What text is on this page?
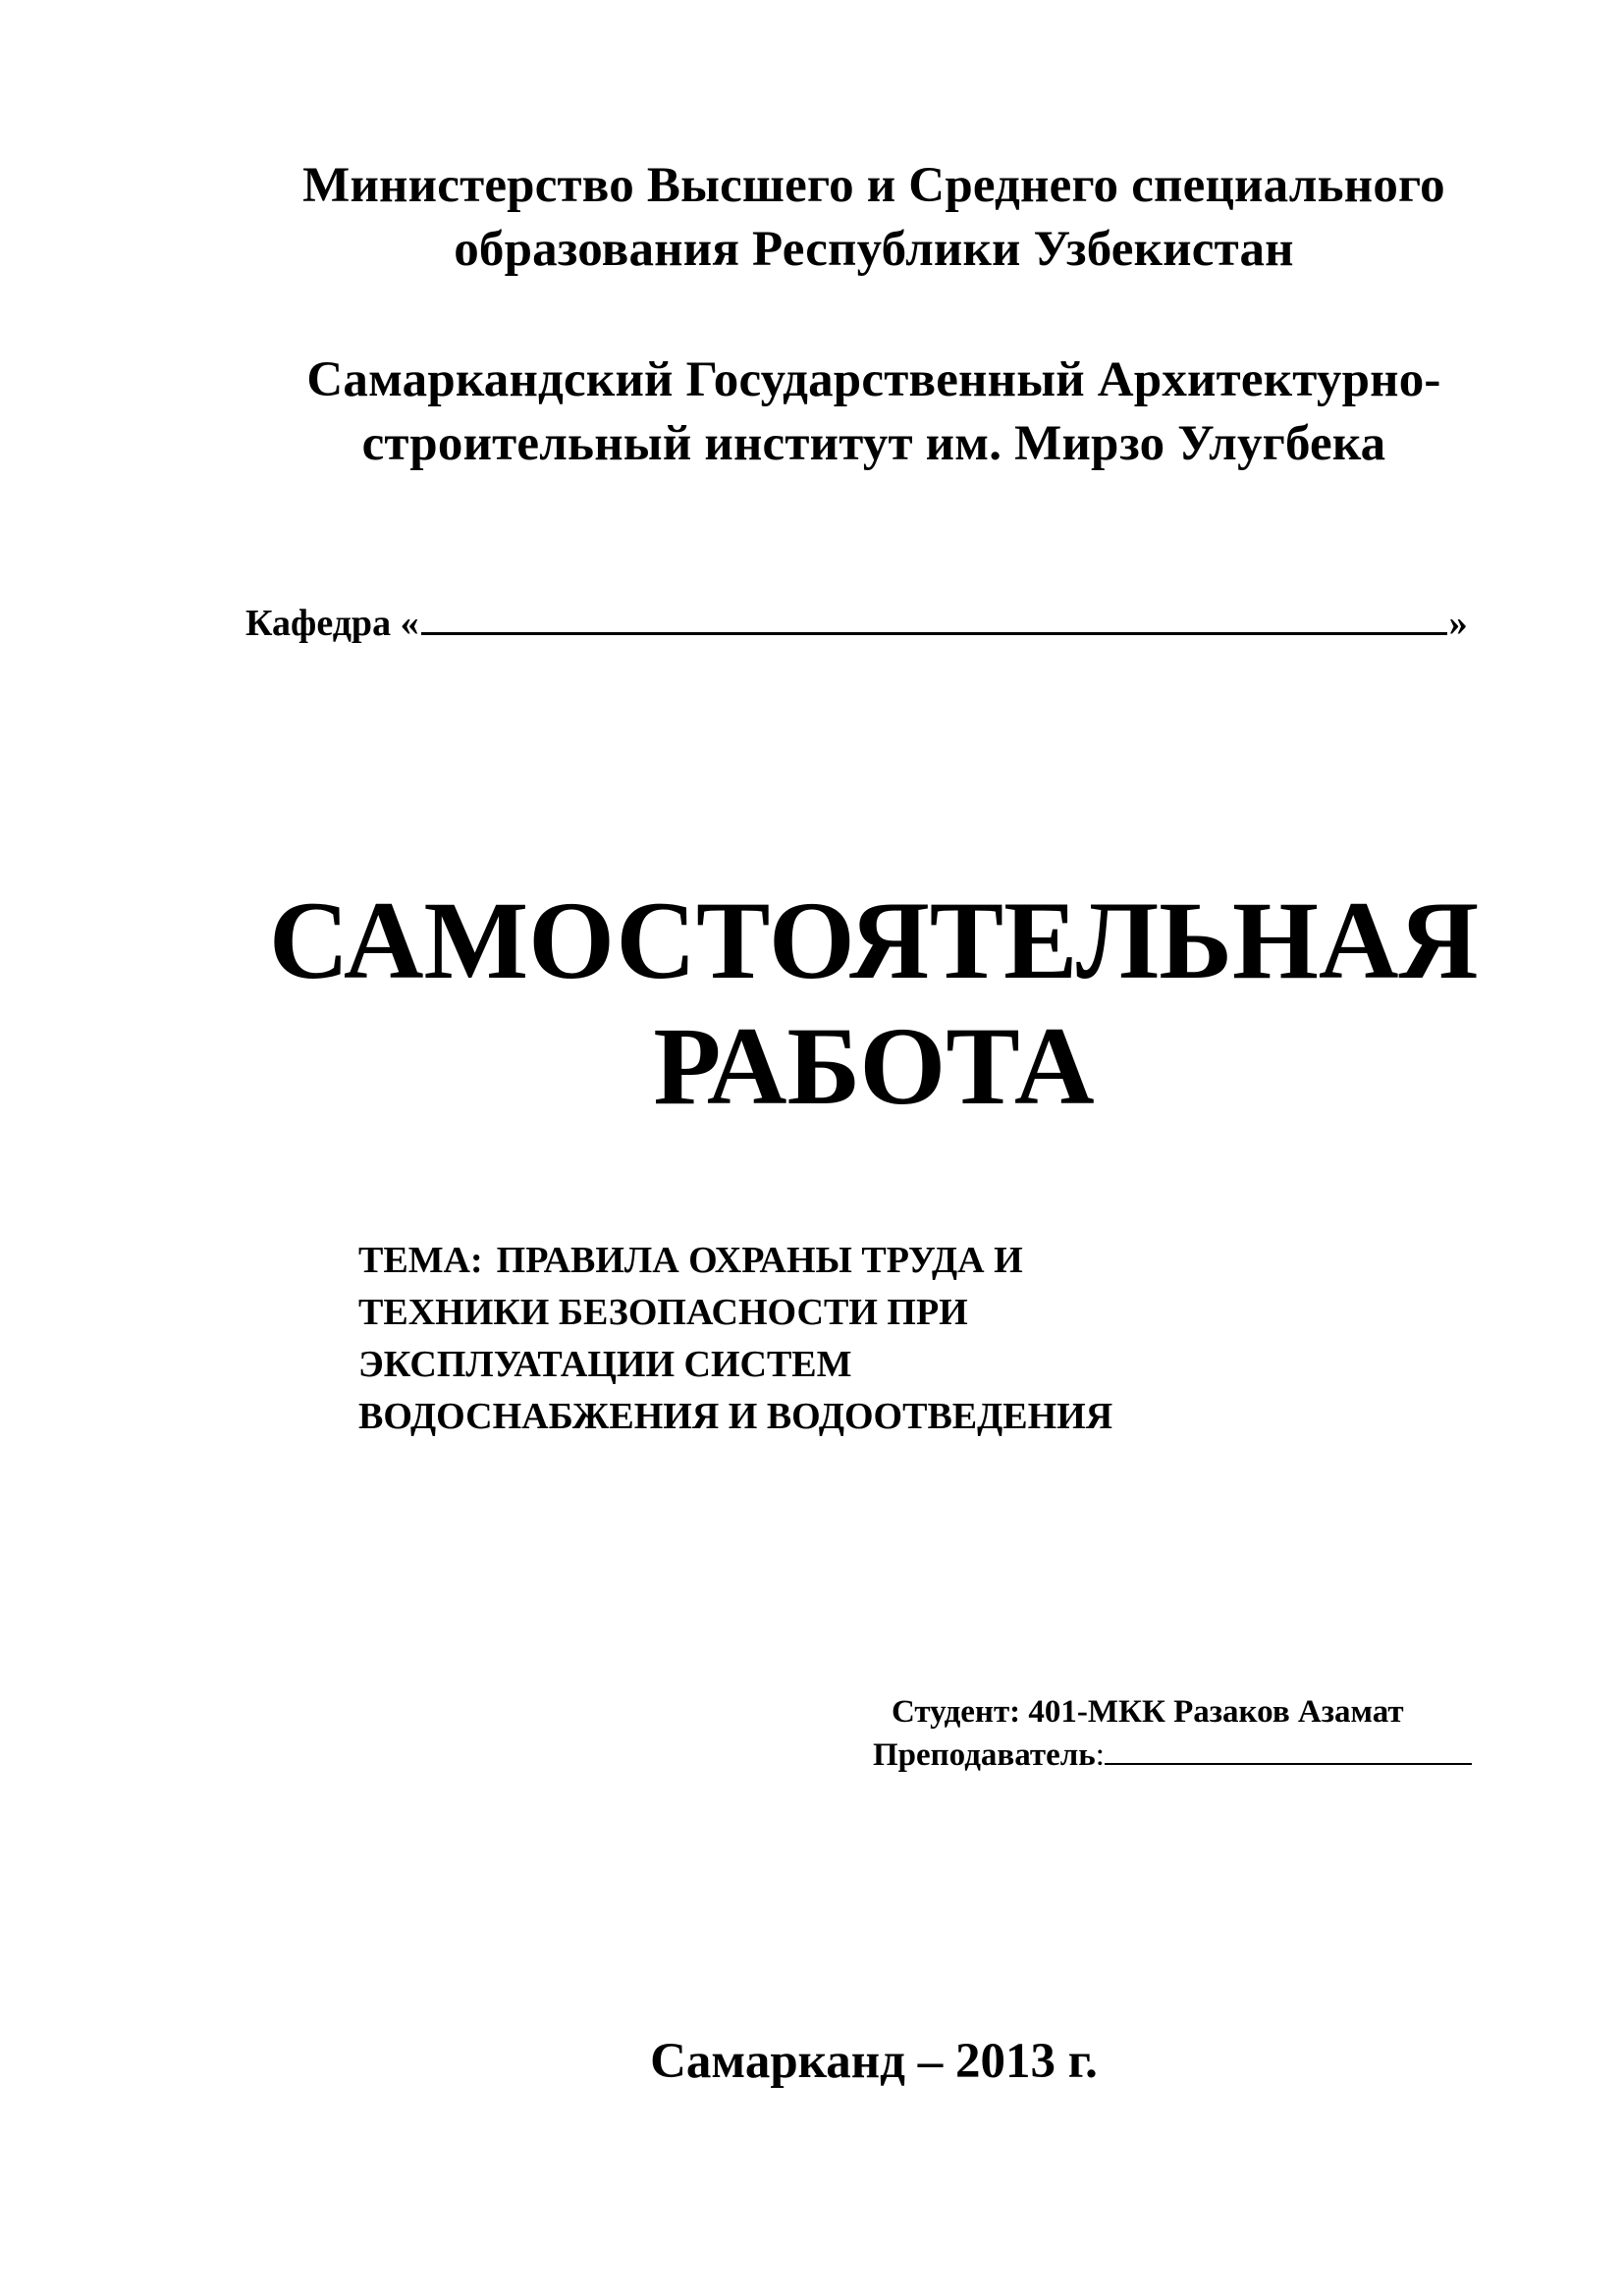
Министерство Высшего и Среднего специального
образования Республики Узбекистан
Самаркандский Государственный Архитектурно-
строительный институт им. Мирзо Улугбека
Кафедра «	»
САМОСТОЯТЕЛЬНАЯ
РАБОТА
ТЕМА: ПРАВИЛА ОХРАНЫ ТРУДА И
ТЕХНИКИ БЕЗОПАСНОСТИ ПРИ
ЭКСПЛУАТАЦИИ СИСТЕМ
ВОДОСНАБЖЕНИЯ И ВОДООТВЕДЕНИЯ
Студент: 401-МКК Разаков Азамат
Преподаватель:
Самарканд – 2013 г.
